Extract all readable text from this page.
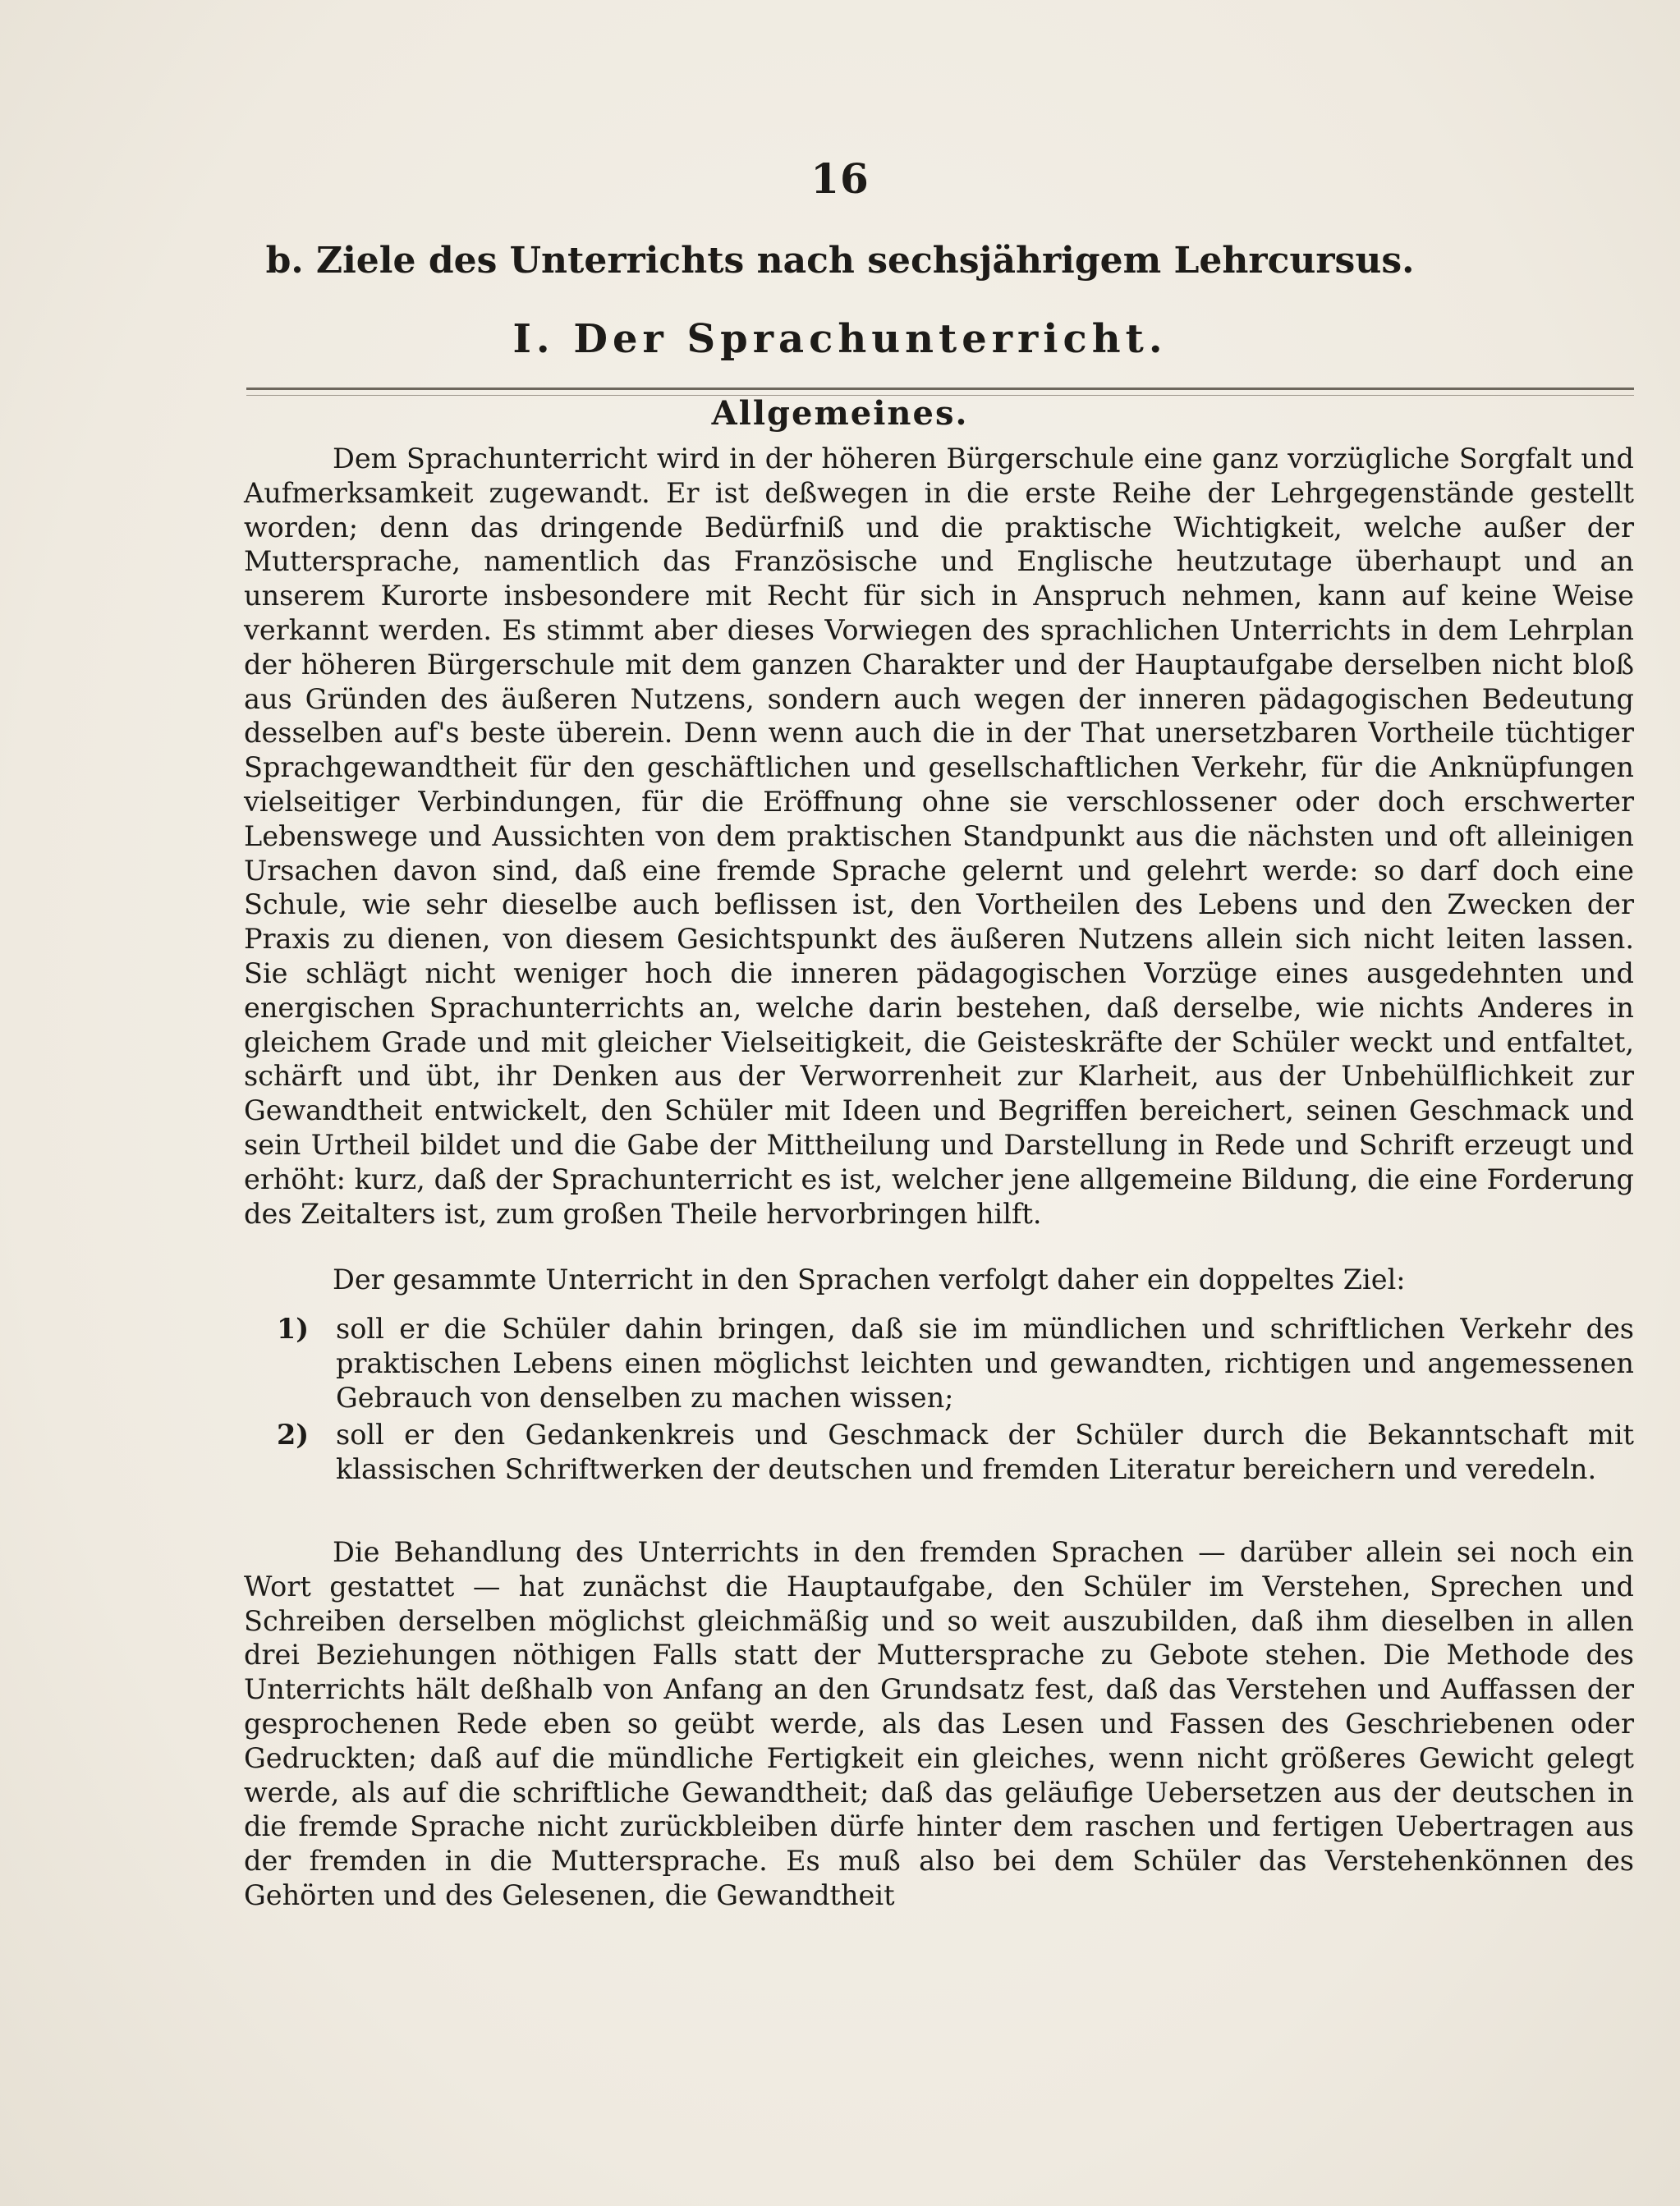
16
b. Ziele des Unterrichts nach sechsjährigem Lehrcursus.
I. Der Sprachunterricht.
Allgemeines.

Dem Sprachunterricht wird in der höheren Bürgerschule eine ganz vorzügliche Sorgfalt und Aufmerksamkeit zugewandt. Er ist deßwegen in die erste Reihe der Lehrgegenstände gestellt worden; denn das dringende Bedürfniß und die praktische Wichtigkeit, welche außer der Muttersprache, namentlich das Französische und Englische heutzutage überhaupt und an unserem Kurorte insbesondere mit Recht für sich in Anspruch nehmen, kann auf keine Weise verkannt werden. Es stimmt aber dieses Vorwiegen des sprachlichen Unterrichts in dem Lehrplan der höheren Bürgerschule mit dem ganzen Charakter und der Hauptaufgabe derselben nicht bloß aus Gründen des äußeren Nutzens, sondern auch wegen der inneren pädagogischen Bedeutung desselben auf's beste überein. Denn wenn auch die in der That unersetzbaren Vortheile tüchtiger Sprachgewandtheit für den geschäftlichen und gesellschaftlichen Verkehr, für die Anknüpfungen vielseitiger Verbindungen, für die Eröffnung ohne sie verschlossener oder doch erschwerter Lebenswege und Aussichten von dem praktischen Standpunkt aus die nächsten und oft alleinigen Ursachen davon sind, daß eine fremde Sprache gelernt und gelehrt werde: so darf doch eine Schule, wie sehr dieselbe auch beflissen ist, den Vortheilen des Lebens und den Zwecken der Praxis zu dienen, von diesem Gesichtspunkt des äußeren Nutzens allein sich nicht leiten lassen. Sie schlägt nicht weniger hoch die inneren pädagogischen Vorzüge eines ausgedehnten und energischen Sprachunterrichts an, welche darin bestehen, daß derselbe, wie nichts Anderes in gleichem Grade und mit gleicher Vielseitigkeit, die Geisteskräfte der Schüler weckt und entfaltet, schärft und übt, ihr Denken aus der Verworrenheit zur Klarheit, aus der Unbehülflichkeit zur Gewandtheit entwickelt, den Schüler mit Ideen und Begriffen bereichert, seinen Geschmack und sein Urtheil bildet und die Gabe der Mittheilung und Darstellung in Rede und Schrift erzeugt und erhöht: kurz, daß der Sprachunterricht es ist, welcher jene allgemeine Bildung, die eine Forderung des Zeitalters ist, zum großen Theile hervorbringen hilft.

Der gesammte Unterricht in den Sprachen verfolgt daher ein doppeltes Ziel:

1) soll er die Schüler dahin bringen, daß sie im mündlichen und schriftlichen Verkehr des praktischen Lebens einen möglichst leichten und gewandten, richtigen und angemessenen Gebrauch von denselben zu machen wissen;
2) soll er den Gedankenkreis und Geschmack der Schüler durch die Bekanntschaft mit klassischen Schriftwerken der deutschen und fremden Literatur bereichern und veredeln.

Die Behandlung des Unterrichts in den fremden Sprachen — darüber allein sei noch ein Wort gestattet — hat zunächst die Hauptaufgabe, den Schüler im Verstehen, Sprechen und Schreiben derselben möglichst gleichmäßig und so weit auszubilden, daß ihm dieselben in allen drei Beziehungen nöthigen Falls statt der Muttersprache zu Gebote stehen. Die Methode des Unterrichts hält deßhalb von Anfang an den Grundsatz fest, daß das Verstehen und Auffassen der gesprochenen Rede eben so geübt werde, als das Lesen und Fassen des Geschriebenen oder Gedruckten; daß auf die mündliche Fertigkeit ein gleiches, wenn nicht größeres Gewicht gelegt werde, als auf die schriftliche Gewandtheit; daß das geläufige Uebersetzen aus der deutschen in die fremde Sprache nicht zurückbleiben dürfe hinter dem raschen und fertigen Uebertragen aus der fremden in die Muttersprache. Es muß also bei dem Schüler das Verstehenkönnen des Gehörten und des Gelesenen, die Gewandtheit
